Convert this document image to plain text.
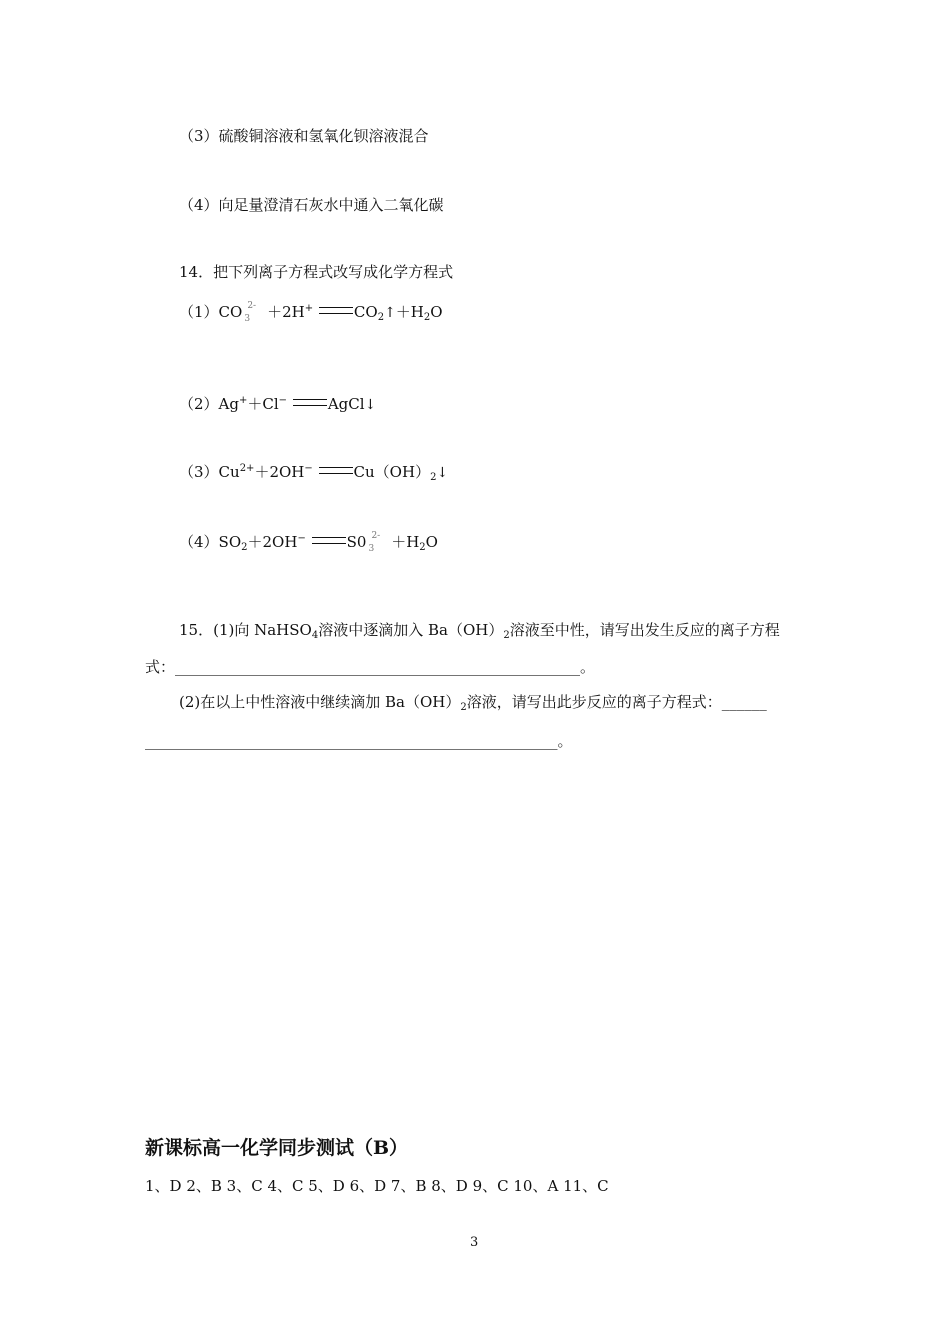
（3）硫酸铜溶液和氢氧化钡溶液混合
（4）向足量澄清石灰水中通入二氧化碳
14．把下列离子方程式改写成化学方程式
（1）CO 2-
3 ＋2H+	$CO_2↑+H_2O$
（2）Ag+＋Cl−	AgCl↓
$(3)Cu^{2+}+2OH^-$	$Cu(OH)_2↓$
$(4)SO_2+2OH^-$	S0 2-
$3 +H_2O$
15．(1)向 NaHSO$_4$溶液中逐滴加入 $Ba(OH)_2$溶液至中性，请写出发生反应的离子方程
式：______________________________________________________。
(2)在以上中性溶液中继续滴加 $Ba(OH)_2$溶液，请写出此步反应的离子方程式：______
_______________________________________________________。
新课标高一化学同步测试（B）
1、D 2、B 3、C 4、C 5、D 6、D 7、B 8、D 9、C 10、A 11、C
3
